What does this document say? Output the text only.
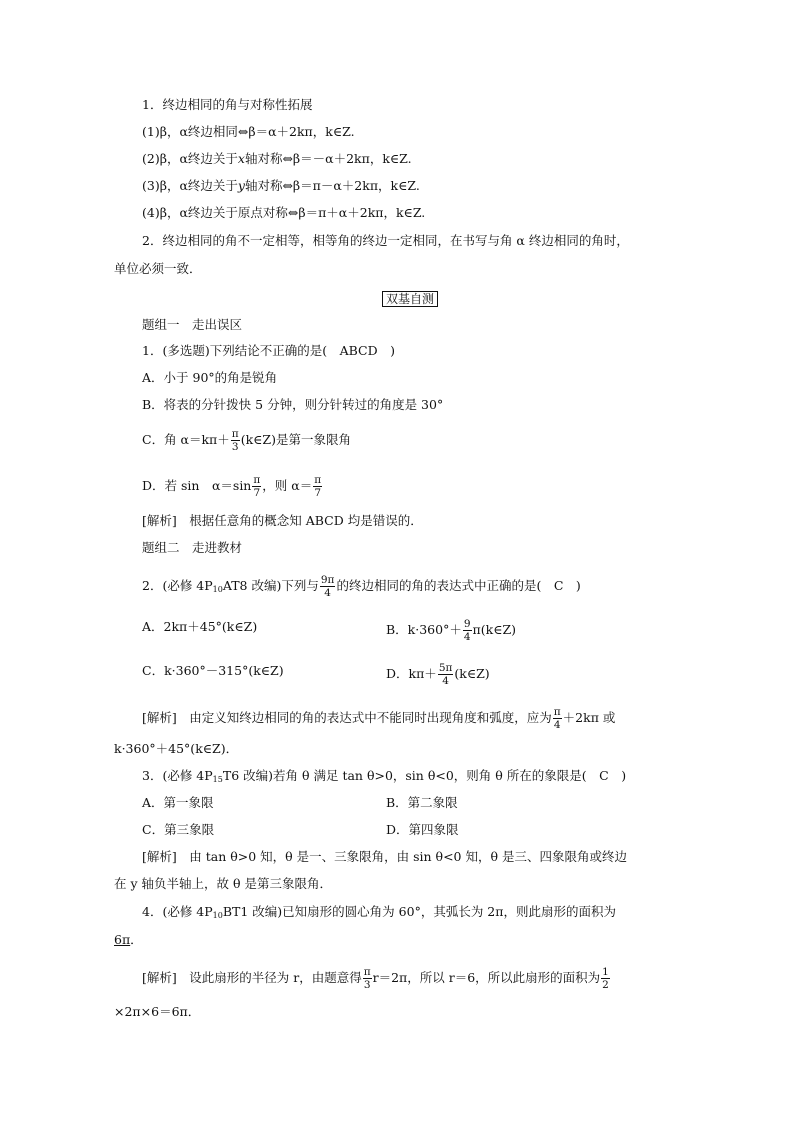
1．终边相同的角与对称性拓展
(1)β，α终边相同⇔β＝α＋2kπ，k∈Z.
(2)β，α终边关于x轴对称⇔β＝－α＋2kπ，k∈Z.
(3)β，α终边关于y轴对称⇔β＝π－α＋2kπ，k∈Z.
(4)β，α终边关于原点对称⇔β＝π＋α＋2kπ，k∈Z.
2．终边相同的角不一定相等，相等角的终边一定相同，在书写与角 α 终边相同的角时，
单位必须一致．
双基自测
题组一　走出误区
1．(多选题)下列结论不正确的是(　ABCD　)
A．小于 90°的角是锐角
B．将表的分针拨快 5 分钟，则分针转过的角度是 30°
C．角 $\alpha=k\pi+ \frac{\pi}{3}$ (k∈Z)是第一象限角
D．若 sin　$\alpha=\sin \frac{\pi}{7}$ ，则 $\alpha= \frac{\pi}{7}$
[解析]　根据任意角的概念知 ABCD 均是错误的．
题组二　走进教材
2．(必修 $4P_{10}AT8$ 改编)下列与 $\frac{9\pi}{4}$ 的终边相同的角的表达式中正确的是(　C　)
A．2kπ＋45°(k∈Z)	B．$k\cdot 360^\circ+ \frac{9}{4}$ π(k∈Z)
C．k·360°－315°(k∈Z)	D．$k\pi+ \frac{5\pi}{4}$ (k∈Z)
[解析]　由定义知终边相同的角的表达式中不能同时出现角度和弧度，应为 $\frac{\pi}{4} +2k\pi$ 或
k·360°＋45°(k∈Z)．
3．(必修 $4P_{15}T6$ 改编)若角 θ 满足 tan θ>0，sin θ<0，则角 θ 所在的象限是(　C　)
A．第一象限	B．第二象限
C．第三象限	D．第四象限
[解析]　由 tan θ>0 知，θ 是一、三象限角，由 sin θ<0 知，θ 是三、四象限角或终边
在 y 轴负半轴上，故 θ 是第三象限角．
4．(必修 $4P_{10}BT1$ 改编)已知扇形的圆心角为 60°，其弧长为 2π，则此扇形的面积为
6π．
[解析]　设此扇形的半径为 r，由题意得 $\frac{\pi}{3} r=2\pi$，所以 r＝6，所以此扇形的面积为 $\frac{1}{2}$
×2π×6＝6π．
